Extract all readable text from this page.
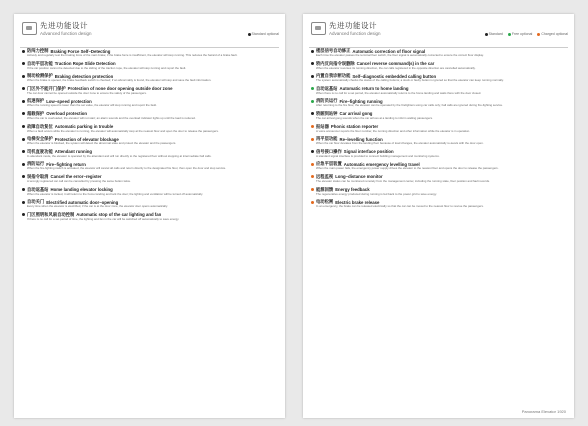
先进功能设计
Advanced function design	Standard optional
防闯力控制 Braking Force Self–Detecting
Actively and regularly test the braking force of the main brake; if the brake force is insufficient, the elevator will stop running. This reduces the hazard of a brake fault.
自动平层功能 Traction Rope Slide Detection
If the car position cannot be detected due to the sliding of the traction rope, the elevator will stop running and report the fault.
制动检测保护 Braking detection protection
When the brake is opened, the brake feedback switch is checked; if an abnormality is found, the elevator will stop and save the fault information.
门区外不能开门保护 Protection of none door opening outside door zone
The car door cannot be opened outside the door zone to ensure the safety of the passengers.
低速保护 Low–speed protection
When the running speed is lower than the set value, the elevator will stop running and report the fault.
超载保护 Overload protection
When the car is overloaded, the elevator will not start; an alarm sounds and the overload indicator lights up until the load is reduced.
故障自动复位 Automatic parking in trouble
When a fault occurs while the elevator is running, the elevator will automatically stop at the nearest floor and open the door to release the passengers.
电梯安全保护 Protection of elevator blockage
When the elevator is blocked, the system will detect the abnormal state and protect the elevator and the passengers.
司机直驶功能 Attendant running
In attendant mode, the elevator is operated by the attendant and will run directly to the registered floor without stopping at intermediate hall calls.
消防运行 Fire–fighting return
When the fire-fighting switch is activated, the elevator will cancel all calls and return directly to the designated fire floor, then open the door and stop service.
误指令取消 Cancel the error–register
A wrongly registered car call can be cancelled by pressing the same button twice.
自动返基站 Home landing elevator locking
When the elevator is locked, it will return to the home landing and lock the door; the lighting and ventilation will be turned off automatically.
自动关门 Electrified automatic door–opening
Every time when the elevator is electrified, if the car is at the door zone, the elevator door opens automatically.
门区照明和风扇自动控制 Automatic stop of the car lighting and fan
If there is no call for a set period of time, the lighting and fan in the car will be switched off automatically to save energy.
先进功能设计
Advanced function design	Standard	Free optional	Charged optional
楼层信号自动修正 Automatic correction of floor signal
Each time the elevator passes the terminal floor switch, the floor signal is automatically corrected to ensure the correct floor display.
轿内反向指令误删除 Cancel reverse command(s) in the car
When the elevator reverses its running direction, the car calls registered in the opposite direction are cancelled automatically.
内置自我诊断功能 Self–diagnostic embedded calling button
The system automatically checks the status of the calling buttons; a stuck or faulty button is ignored so that the elevator can keep running normally.
自动返基站 Automatic return to home landing
When there is no call for a set period, the elevator automatically returns to the home landing and waits there with the door closed.
消防员运行 Fire–fighting running
After returning to the fire floor, the elevator can be operated by the firefighters using car calls only; hall calls are ignored during fire-fighting service.
轿厢到站钟 Car arrival gong
The car arrival gong sounds when the car arrives at a landing to inform waiting passengers.
报站器 Phonic station reporter
A voice announcer reports the floor number, the running direction and other information while the elevator is in operation.
再平层功能 Re–levelling function
When the car floor deviates from the landing floor because of load changes, the elevator automatically re-levels with the door open.
信号接口操作 Signal interface position
A standard signal interface is provided to connect building management and monitoring systems.
应急平层装置 Automatic emergency levelling travel
When the main power fails, the emergency power supply drives the elevator to the nearest floor and opens the door to release the passengers.
远程监视 Long–distance monitor
The elevator status can be monitored remotely from the management center, including the running state, floor position and fault records.
能源回馈 Energy feedback
The regenerative energy produced during running is fed back to the power grid to save energy.
电动松闸 Electric brake release
In an emergency, the brake can be released electrically so that the car can be moved to the nearest floor to rescue the passengers.
Panorama Elevator 1920
